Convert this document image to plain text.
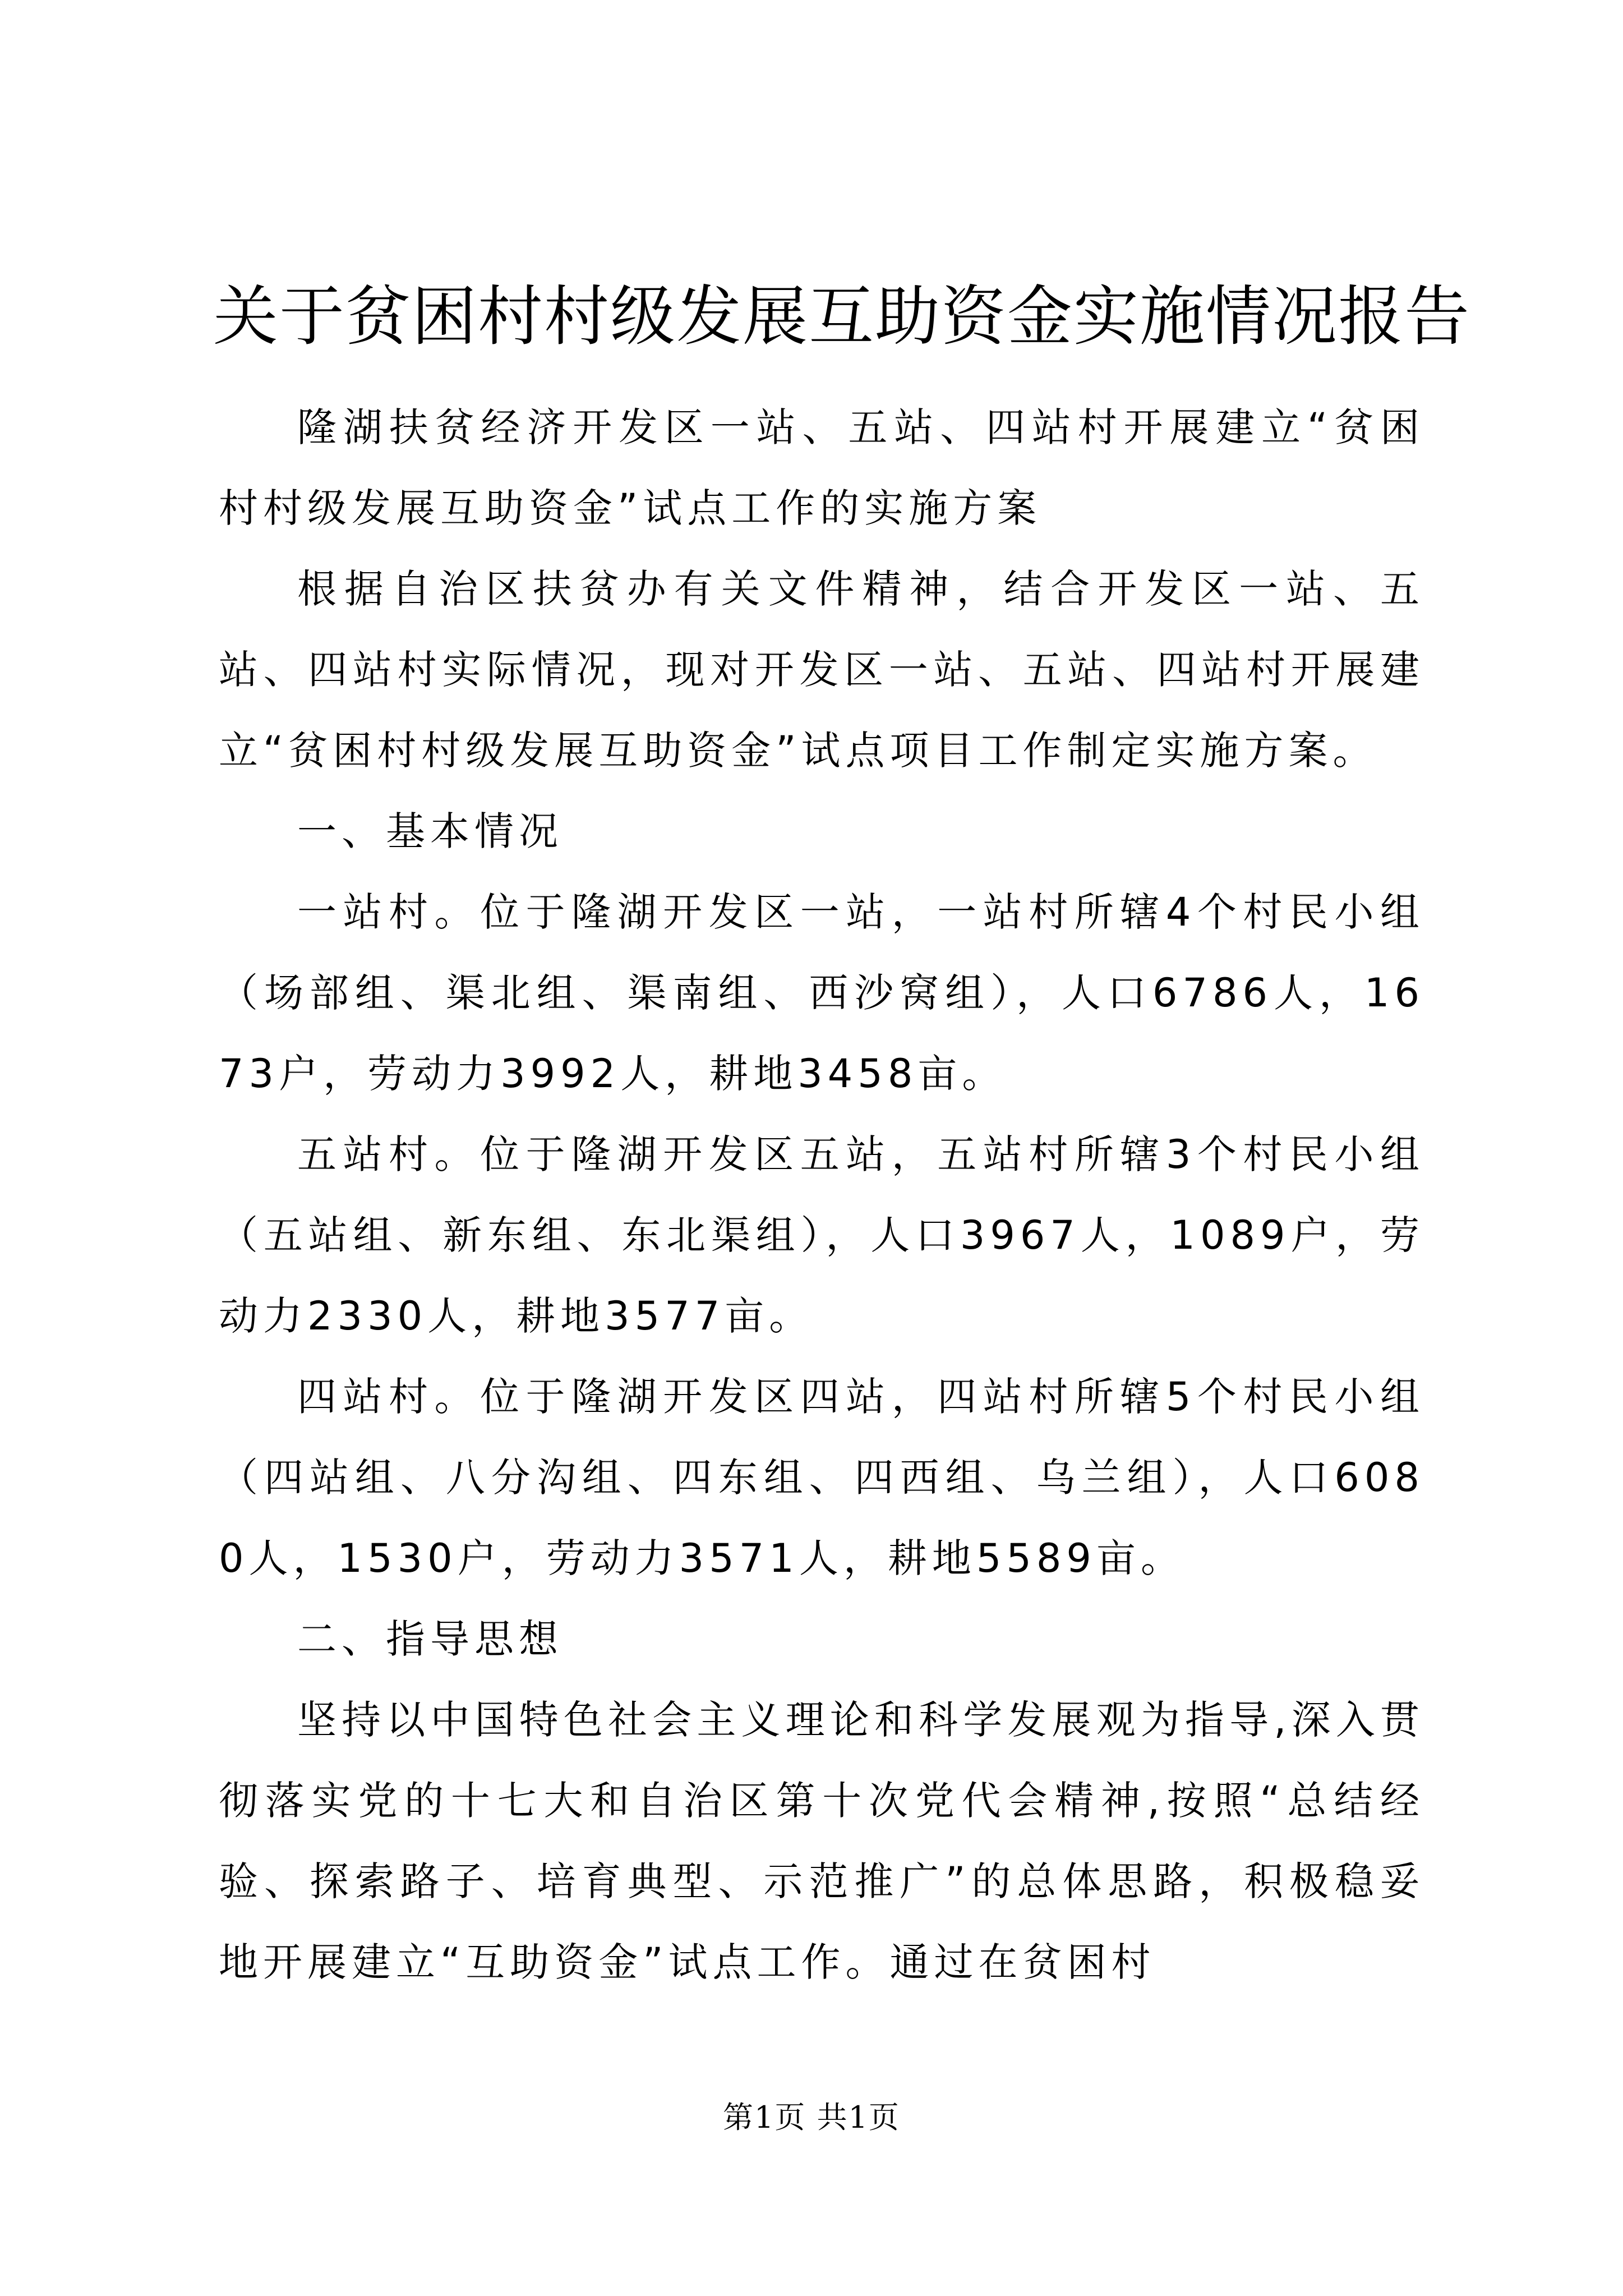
关于贫困村村级发展互助资金实施情况报告

隆湖扶贫经济开发区一站、五站、四站村开展建立“贫困村村级发展互助资金”试点工作的实施方案

根据自治区扶贫办有关文件精神，结合开发区一站、五站、四站村实际情况，现对开发区一站、五站、四站村开展建立“贫困村村级发展互助资金”试点项目工作制定实施方案。

一、基本情况

一站村。位于隆湖开发区一站，一站村所辖4个村民小组（场部组、渠北组、渠南组、西沙窝组），人口6786人，1673户，劳动力3992人，耕地3458亩。

五站村。位于隆湖开发区五站，五站村所辖3个村民小组（五站组、新东组、东北渠组），人口3967人，1089户，劳动力2330人，耕地3577亩。

四站村。位于隆湖开发区四站，四站村所辖5个村民小组（四站组、八分沟组、四东组、四西组、乌兰组），人口6080人，1530户，劳动力3571人，耕地5589亩。

二、指导思想

坚持以中国特色社会主义理论和科学发展观为指导,深入贯彻落实党的十七大和自治区第十次党代会精神,按照“总结经验、探索路子、培育典型、示范推广”的总体思路，积极稳妥地开展建立“互助资金”试点工作。通过在贫困村

第1页 共1页
